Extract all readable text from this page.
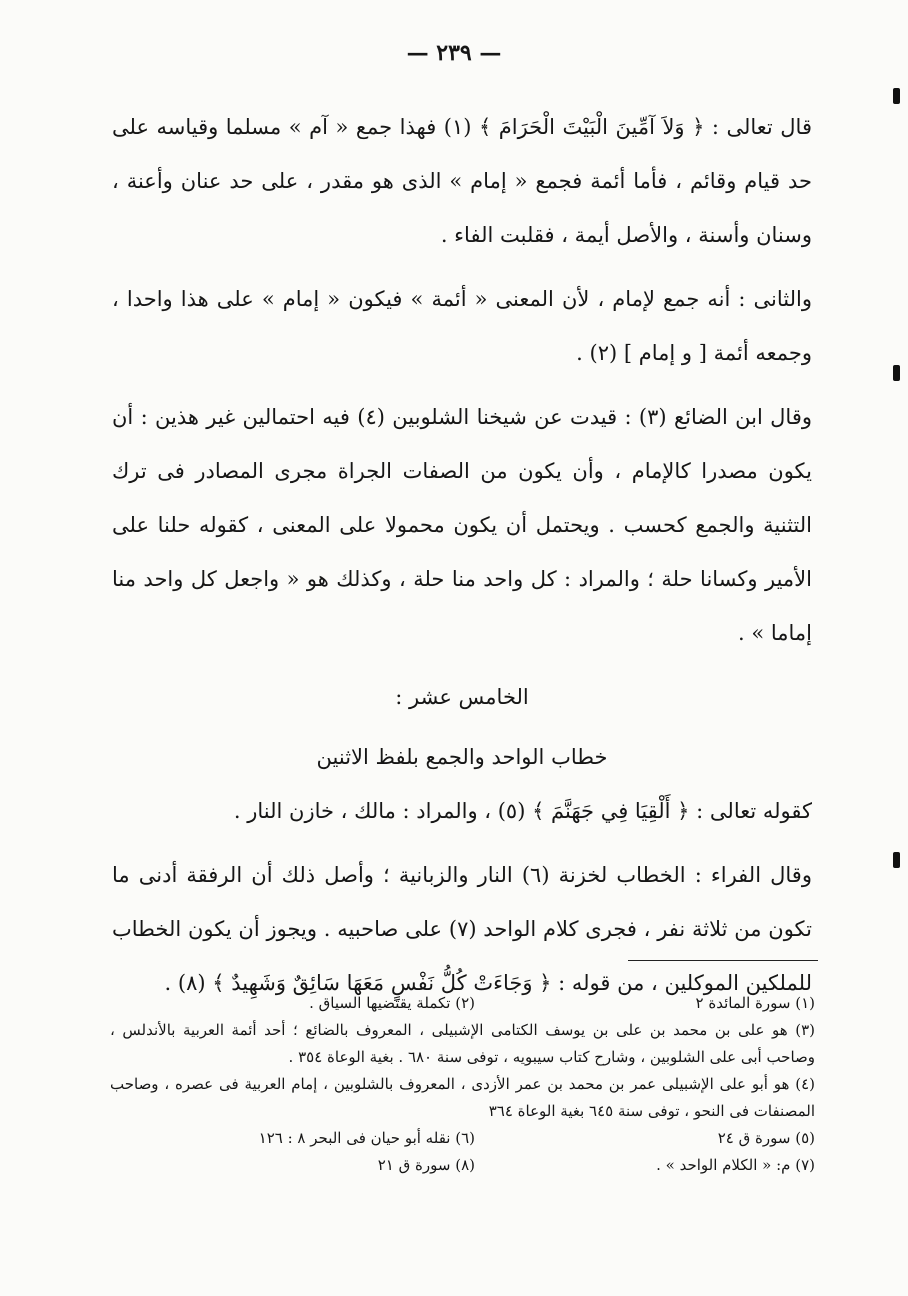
— ٢٣٩ —

قال تعالى : ﴿ وَلاَ آمِّينَ الْبَيْتَ الْحَرَامَ ﴾ (١) فهذا جمع « آم » مسلما وقياسه على حد قيام وقائم ، فأما أئمة فجمع « إمام » الذى هو مقدر ، على حد عنان وأعنة ، وسنان وأسنة ، والأصل أيمة ، فقلبت الفاء .

والثانى : أنه جمع لإمام ، لأن المعنى « أئمة » فيكون « إمام » على هذا واحدا ، وجمعه أئمة [ و إمام ] (٢) .

وقال ابن الضائع (٣) : قيدت عن شيخنا الشلوبين (٤) فيه احتمالين غير هذين : أن يكون مصدرا كالإمام ، وأن يكون من الصفات الجراة مجرى المصادر فى ترك التثنية والجمع كحسب . ويحتمل أن يكون محمولا على المعنى ، كقوله حلنا على الأمير وكسانا حلة ؛ والمراد : كل واحد منا حلة ، وكذلك هو « واجعل كل واحد منا إماما » .

الخامس عشر :
خطاب الواحد والجمع بلفظ الاثنين

كقوله تعالى : ﴿ أَلْقِيَا فِي جَهَنَّمَ ﴾ (٥) ، والمراد : مالك ، خازن النار .

وقال الفراء : الخطاب لخزنة (٦) النار والزبانية ؛ وأصل ذلك أن الرفقة أدنى ما تكون من ثلاثة نفر ، فجرى كلام الواحد (٧) على صاحبيه . ويجوز أن يكون الخطاب للملكين الموكلين ، من قوله : ﴿ وَجَاءَتْ كُلُّ نَفْسٍ مَعَهَا سَائِقٌ وَشَهِيدٌ ﴾ (٨) .

(١) سورة المائدة ٢
(٢) تكملة يقتضيها السياق .
(٣) هو على بن محمد بن على بن يوسف الكتامى الإشبيلى ، المعروف بالضائع ؛ أحد أئمة العربية بالأندلس ، وصاحب أبى على الشلوبين ، وشارح كتاب سيبويه ، توفى سنة ٦٨٠ . بغية الوعاة ٣٥٤ .
(٤) هو أبو على الإشبيلى عمر بن محمد بن عمر الأزدى ، المعروف بالشلوبين ، إمام العربية فى عصره ، وصاحب المصنفات فى النحو ، توفى سنة ٦٤٥ بغية الوعاة ٣٦٤
(٥) سورة ق ٢٤
(٦) نقله أبو حيان فى البحر ٨ : ١٢٦
(٧) م: « الكلام الواحد » .
(٨) سورة ق ٢١
